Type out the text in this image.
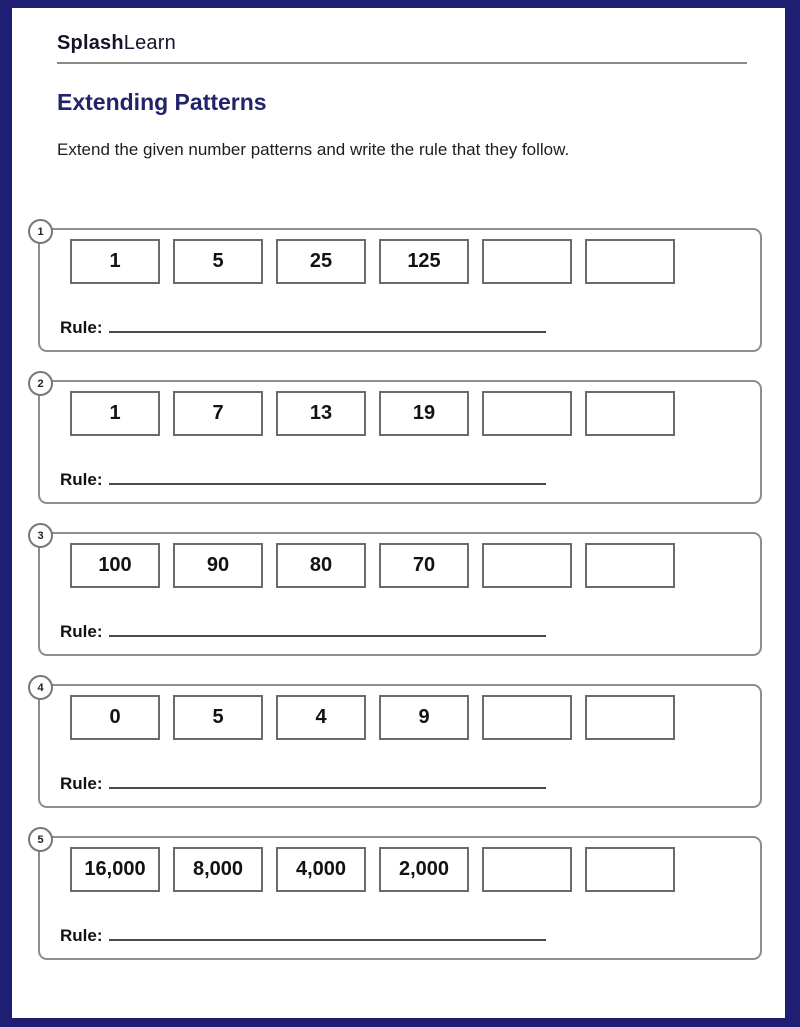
SplashLearn
Extending Patterns

Extend the given number patterns and write the rule that they follow.

1
1	5	25	125
Rule:
2
1	7	13	19
Rule:
3
100	90	80	70
Rule:
4
0	5	4	9
Rule:
5
16,000	8,000	4,000	2,000
Rule:
